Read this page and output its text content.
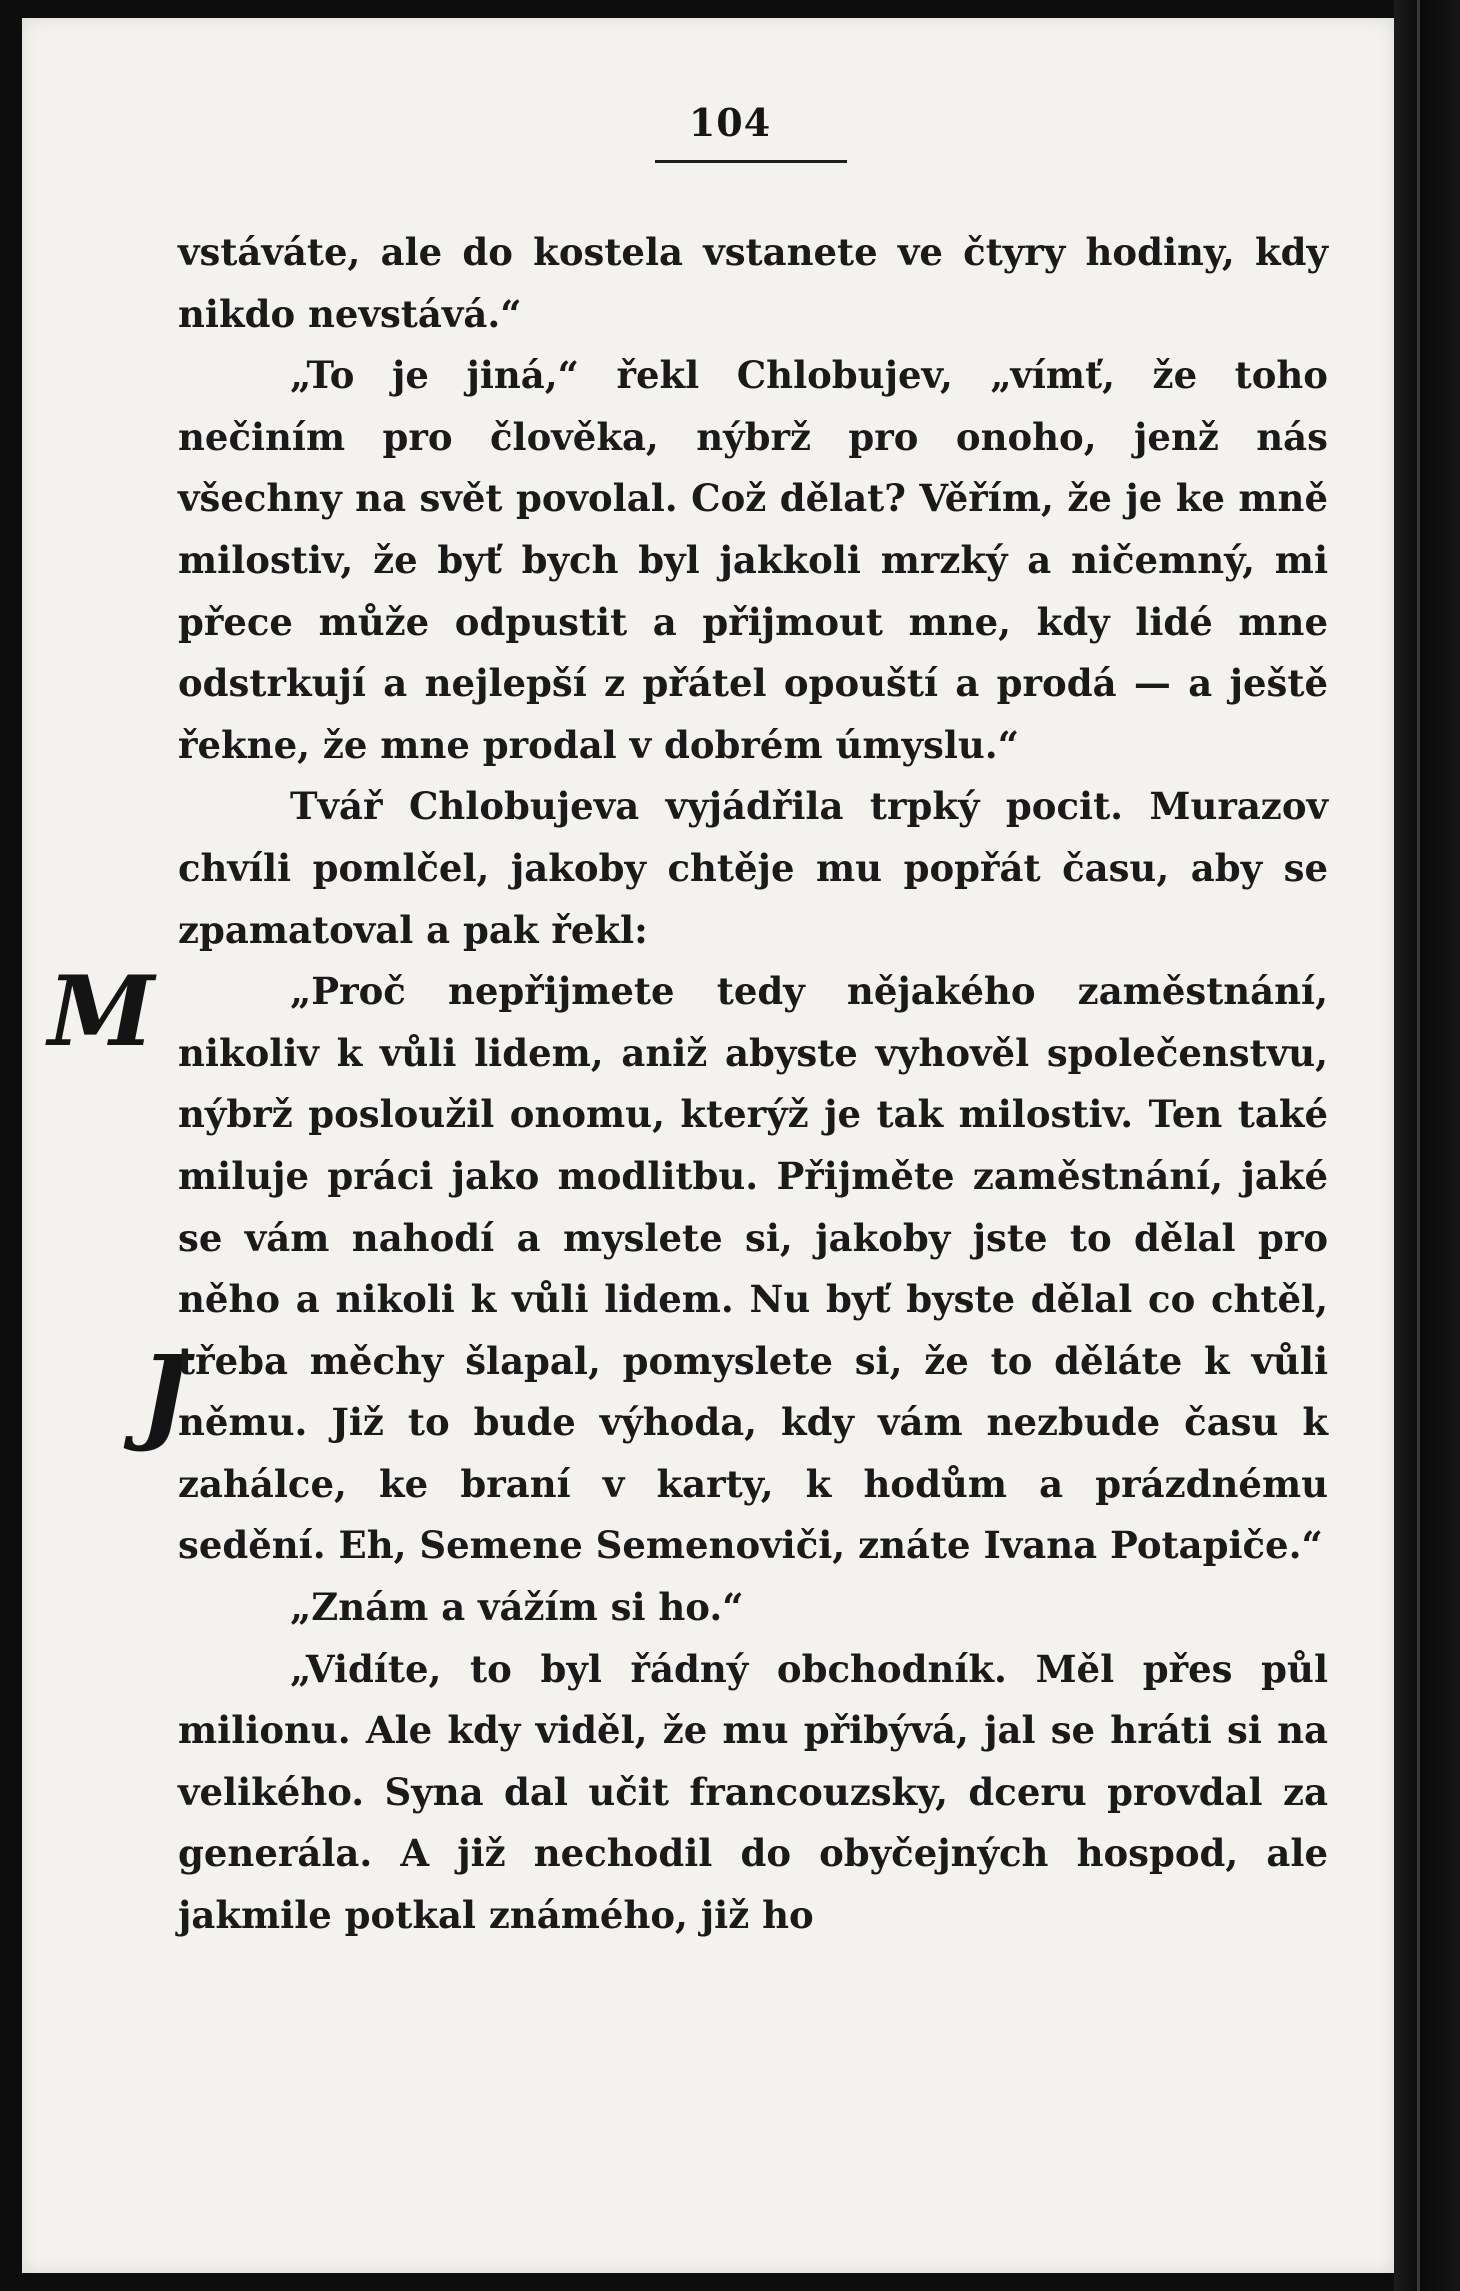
104
M
J

vstáváte, ale do kostela vstanete ve čtyry hodiny, kdy nikdo nevstává.“

„To je jiná,“ řekl Chlobujev, „vímť, že toho nečiním pro člověka, nýbrž pro onoho, jenž nás všechny na svět povolal. Což dělat? Věřím, že je ke mně milostiv, že byť bych byl jakkoli mrzký a ničemný, mi přece může odpustit a přijmout mne, kdy lidé mne odstrkují a nejlepší z přátel opouští a prodá — a ještě řekne, že mne prodal v dobrém úmyslu.“

Tvář Chlobujeva vyjádřila trpký pocit. Murazov chvíli pomlčel, jakoby chtěje mu popřát času, aby se zpamatoval a pak řekl:

„Proč nepřijmete tedy nějakého zaměstnání, nikoliv k vůli lidem, aniž abyste vyhověl společenstvu, nýbrž posloužil onomu, kterýž je tak milostiv. Ten také miluje práci jako modlitbu. Přijměte zaměstnání, jaké se vám nahodí a myslete si, jakoby jste to dělal pro něho a nikoli k vůli lidem. Nu byť byste dělal co chtěl, třeba měchy šlapal, pomyslete si, že to děláte k vůli němu. Již to bude výhoda, kdy vám nezbude času k zahálce, ke braní v karty, k hodům a prázdnému sedění. Eh, Semene Semenoviči, znáte Ivana Potapiče.“

„Znám a vážím si ho.“

„Vidíte, to byl řádný obchodník. Měl přes půl milionu. Ale kdy viděl, že mu přibývá, jal se hráti si na velikého. Syna dal učit francouzsky, dceru provdal za generála. A již nechodil do obyčejných hospod, ale jakmile potkal známého, již ho
